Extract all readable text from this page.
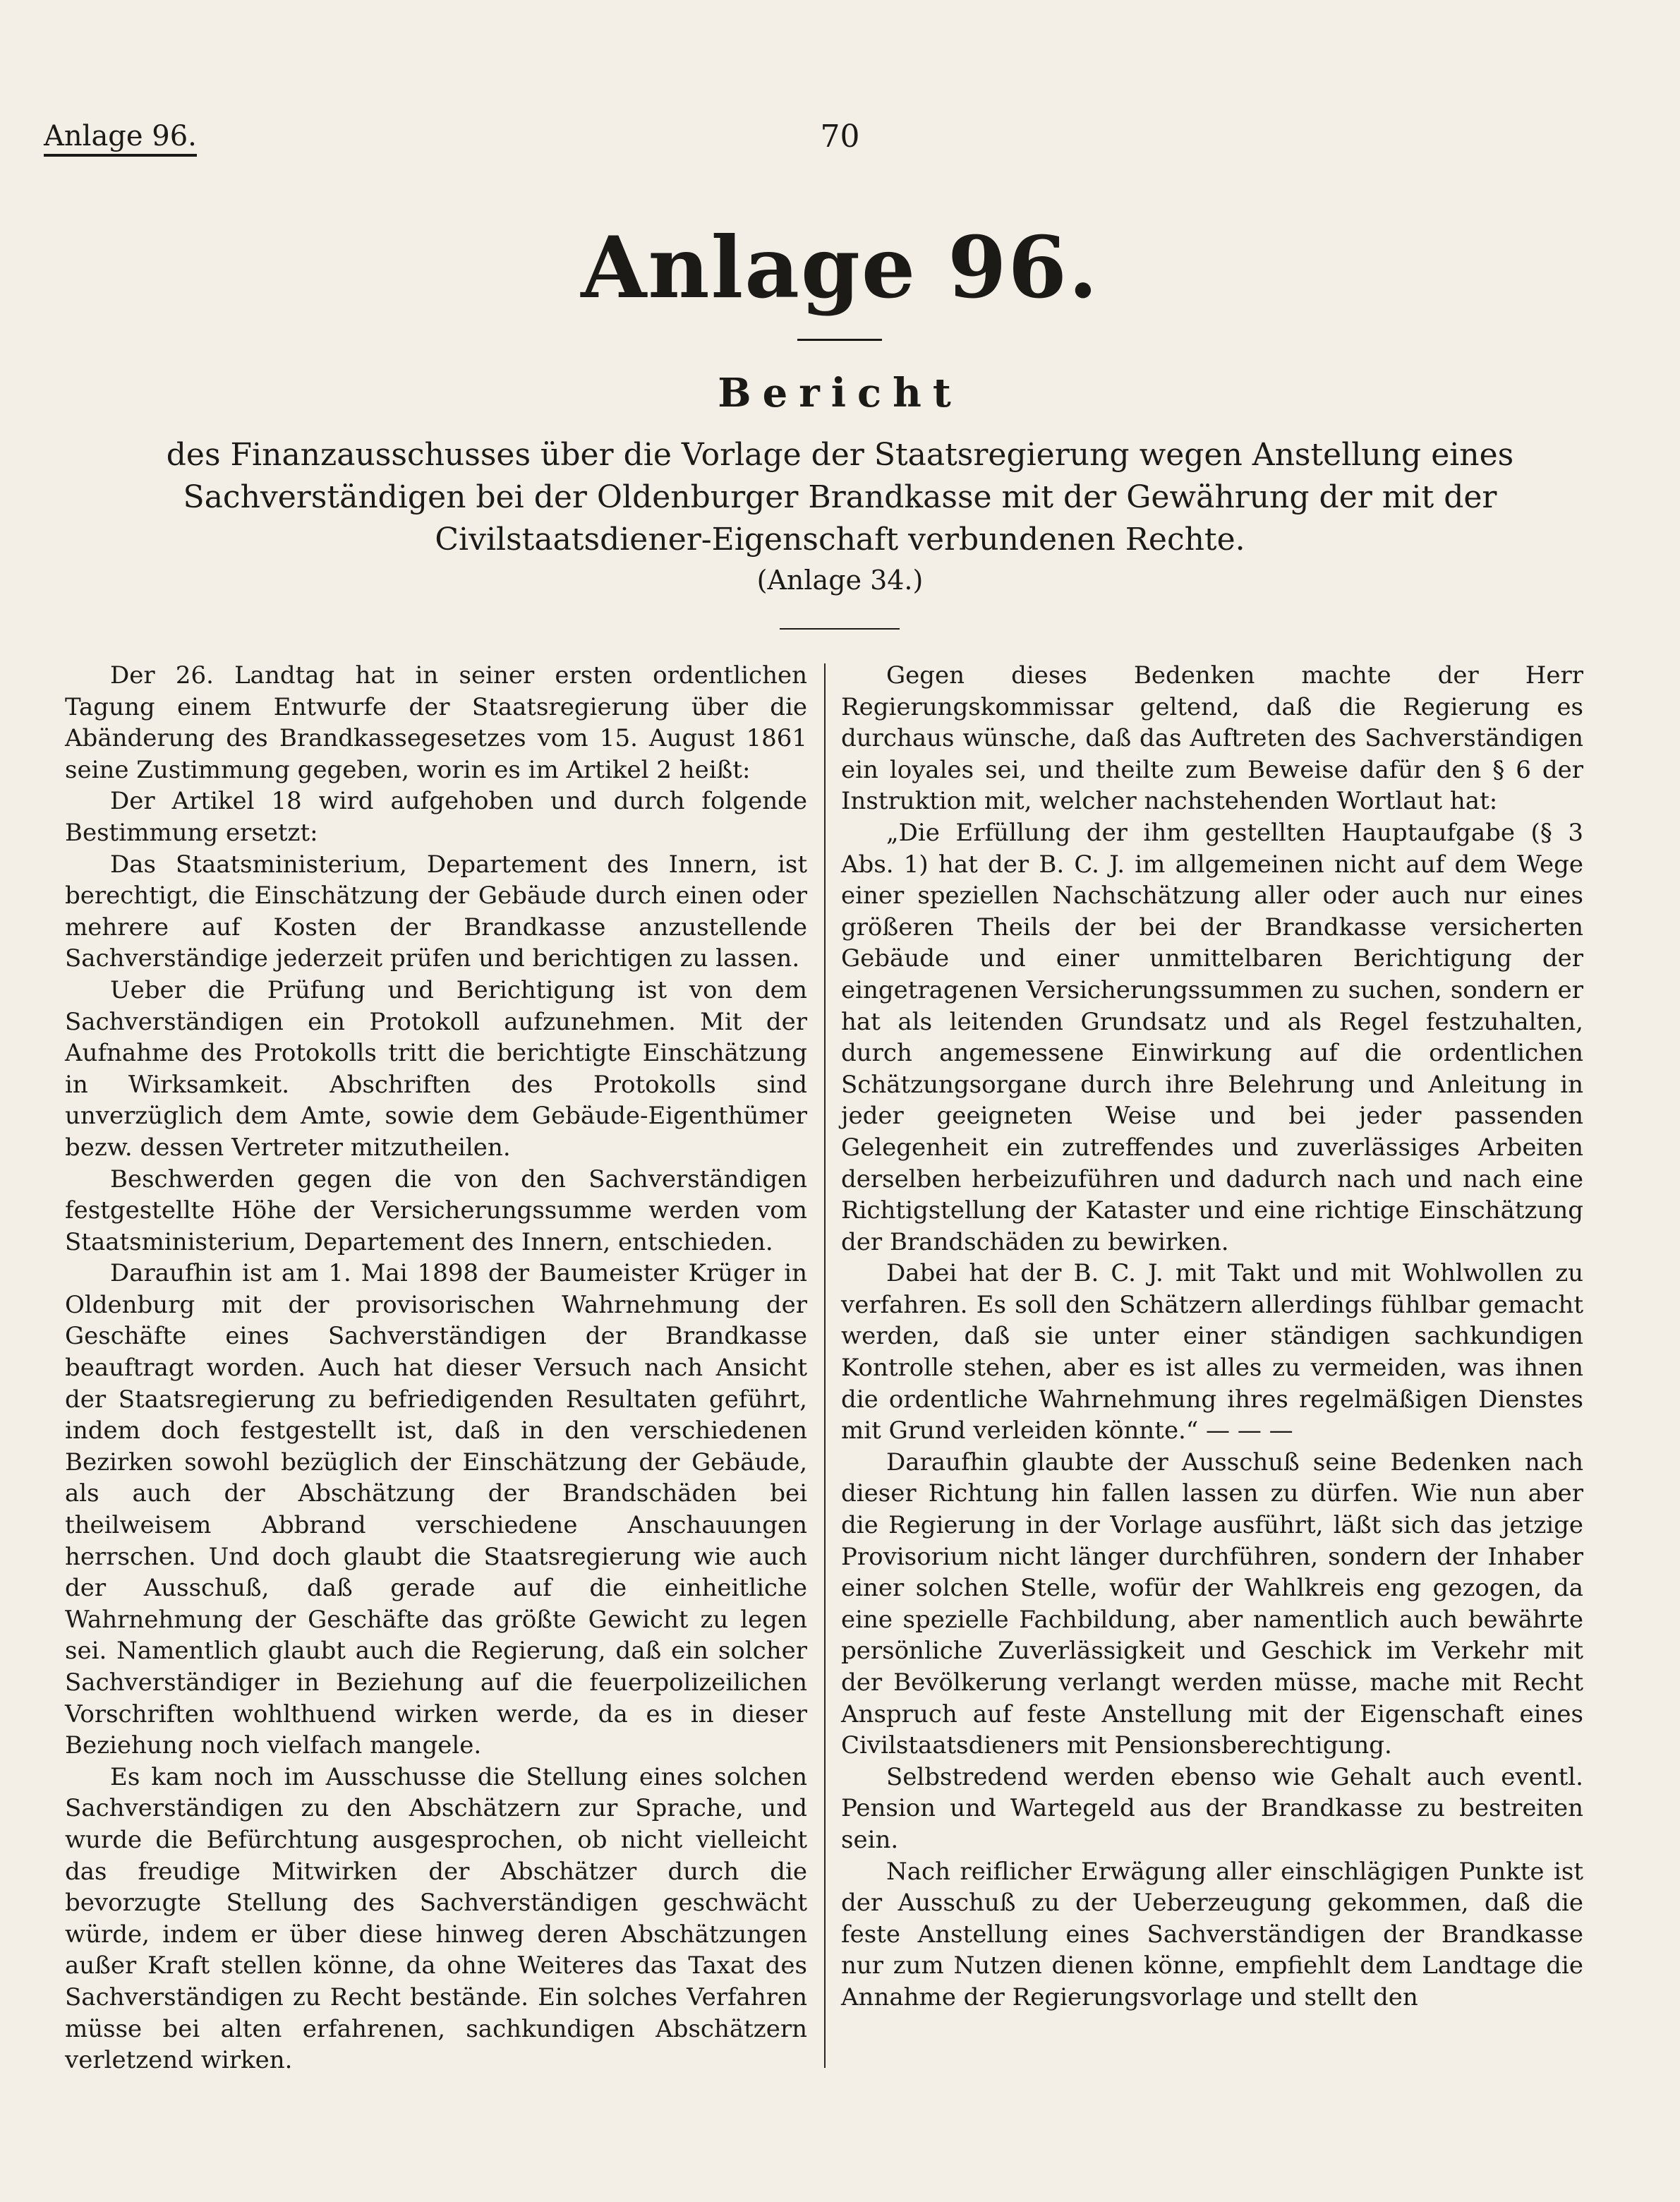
Anlage 96.	70
Anlage 96.
Bericht
des Finanzausschusses über die Vorlage der Staatsregierung wegen Anstellung eines Sachverständigen bei der Oldenburger Brandkasse mit der Gewährung der mit der Civilstaatsdiener-Eigenschaft verbundenen Rechte.
(Anlage 34.)

Der 26. Landtag hat in seiner ersten ordentlichen Tagung einem Entwurfe der Staatsregierung über die Abänderung des Brandkassegesetzes vom 15. August 1861 seine Zustimmung gegeben, worin es im Artikel 2 heißt:

Der Artikel 18 wird aufgehoben und durch folgende Bestimmung ersetzt:

Das Staatsministerium, Departement des Innern, ist berechtigt, die Einschätzung der Gebäude durch einen oder mehrere auf Kosten der Brandkasse anzustellende Sachverständige jederzeit prüfen und berichtigen zu lassen.

Ueber die Prüfung und Berichtigung ist von dem Sachverständigen ein Protokoll aufzunehmen. Mit der Aufnahme des Protokolls tritt die berichtigte Einschätzung in Wirksamkeit. Abschriften des Protokolls sind unverzüglich dem Amte, sowie dem Gebäude-Eigenthümer bezw. dessen Vertreter mitzutheilen.

Beschwerden gegen die von den Sachverständigen festgestellte Höhe der Versicherungssumme werden vom Staatsministerium, Departement des Innern, entschieden.

Daraufhin ist am 1. Mai 1898 der Baumeister Krüger in Oldenburg mit der provisorischen Wahrnehmung der Geschäfte eines Sachverständigen der Brandkasse beauftragt worden. Auch hat dieser Versuch nach Ansicht der Staatsregierung zu befriedigenden Resultaten geführt, indem doch festgestellt ist, daß in den verschiedenen Bezirken sowohl bezüglich der Einschätzung der Gebäude, als auch der Abschätzung der Brandschäden bei theilweisem Abbrand verschiedene Anschauungen herrschen. Und doch glaubt die Staatsregierung wie auch der Ausschuß, daß gerade auf die einheitliche Wahrnehmung der Geschäfte das größte Gewicht zu legen sei. Namentlich glaubt auch die Regierung, daß ein solcher Sachverständiger in Beziehung auf die feuerpolizeilichen Vorschriften wohlthuend wirken werde, da es in dieser Beziehung noch vielfach mangele.

Es kam noch im Ausschusse die Stellung eines solchen Sachverständigen zu den Abschätzern zur Sprache, und wurde die Befürchtung ausgesprochen, ob nicht vielleicht das freudige Mitwirken der Abschätzer durch die bevorzugte Stellung des Sachverständigen geschwächt würde, indem er über diese hinweg deren Abschätzungen außer Kraft stellen könne, da ohne Weiteres das Taxat des Sachverständigen zu Recht bestände. Ein solches Verfahren müsse bei alten erfahrenen, sachkundigen Abschätzern verletzend wirken.

Gegen dieses Bedenken machte der Herr Regierungskommissar geltend, daß die Regierung es durchaus wünsche, daß das Auftreten des Sachverständigen ein loyales sei, und theilte zum Beweise dafür den § 6 der Instruktion mit, welcher nachstehenden Wortlaut hat:

„Die Erfüllung der ihm gestellten Hauptaufgabe (§ 3 Abs. 1) hat der B. C. J. im allgemeinen nicht auf dem Wege einer speziellen Nachschätzung aller oder auch nur eines größeren Theils der bei der Brandkasse versicherten Gebäude und einer unmittelbaren Berichtigung der eingetragenen Versicherungssummen zu suchen, sondern er hat als leitenden Grundsatz und als Regel festzuhalten, durch angemessene Einwirkung auf die ordentlichen Schätzungsorgane durch ihre Belehrung und Anleitung in jeder geeigneten Weise und bei jeder passenden Gelegenheit ein zutreffendes und zuverlässiges Arbeiten derselben herbeizuführen und dadurch nach und nach eine Richtigstellung der Kataster und eine richtige Einschätzung der Brandschäden zu bewirken.

Dabei hat der B. C. J. mit Takt und mit Wohlwollen zu verfahren. Es soll den Schätzern allerdings fühlbar gemacht werden, daß sie unter einer ständigen sachkundigen Kontrolle stehen, aber es ist alles zu vermeiden, was ihnen die ordentliche Wahrnehmung ihres regelmäßigen Dienstes mit Grund verleiden könnte.“ — — —

Daraufhin glaubte der Ausschuß seine Bedenken nach dieser Richtung hin fallen lassen zu dürfen. Wie nun aber die Regierung in der Vorlage ausführt, läßt sich das jetzige Provisorium nicht länger durchführen, sondern der Inhaber einer solchen Stelle, wofür der Wahlkreis eng gezogen, da eine spezielle Fachbildung, aber namentlich auch bewährte persönliche Zuverlässigkeit und Geschick im Verkehr mit der Bevölkerung verlangt werden müsse, mache mit Recht Anspruch auf feste Anstellung mit der Eigenschaft eines Civilstaatsdieners mit Pensionsberechtigung.

Selbstredend werden ebenso wie Gehalt auch eventl. Pension und Wartegeld aus der Brandkasse zu bestreiten sein.

Nach reiflicher Erwägung aller einschlägigen Punkte ist der Ausschuß zu der Ueberzeugung gekommen, daß die feste Anstellung eines Sachverständigen der Brandkasse nur zum Nutzen dienen könne, empfiehlt dem Landtage die Annahme der Regierungsvorlage und stellt den
